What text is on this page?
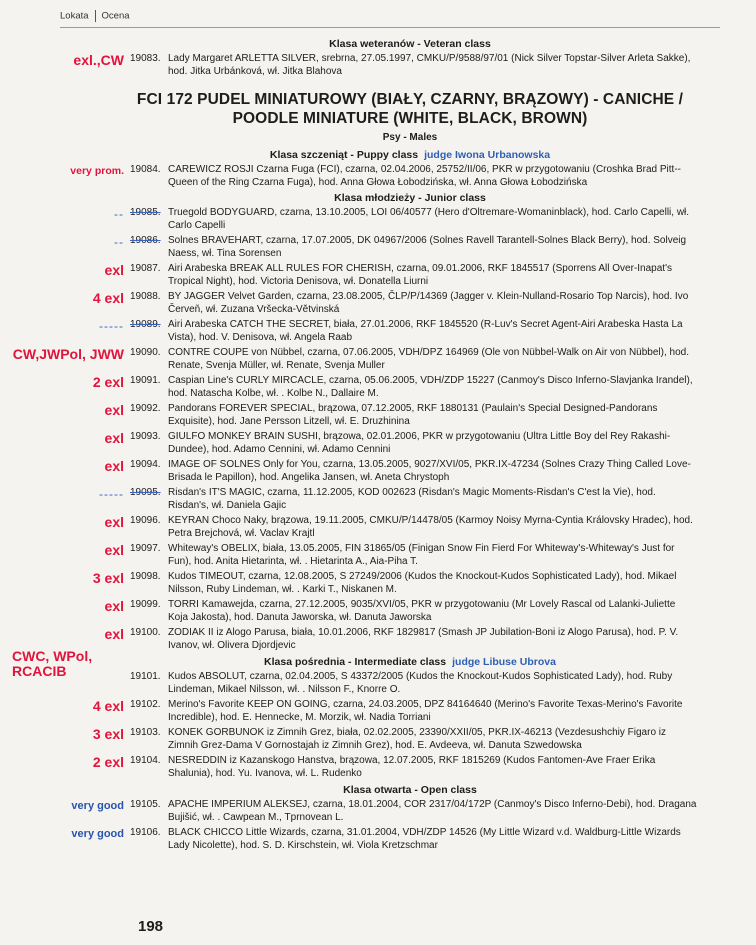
Lokata Ocena
Klasa weteranów - Veteran class
exl.,CW 19083. Lady Margaret ARLETTA SILVER, srebrna, 27.05.1997, CMKU/P/9588/97/01 (Nick Silver Topstar-Silver Arleta Sakke), hod. Jitka Urbánková, wł. Jitka Blahova
FCI 172 PUDEL MINIATUROWY (BIAŁY, CZARNY, BRĄZOWY) - CANICHE / POODLE MINIATURE (WHITE, BLACK, BROWN)
Psy - Males
Klasa szczeniąt - Puppy class judge Iwona Urbanowska
very prom. 19084. CAREWICZ ROSJI Czarna Fuga (FCI), czarna, 02.04.2006, 25752/II/06, PKR w przygotowaniu (Croshka Brad Pitt--Queen of the Ring Czarna Fuga), hod. Anna Głowa Łobodzińska, wł. Anna Głowa Łobodzińska
Klasa młodzieży - Junior class
-- 19085. Truegold BODYGUARD, czarna, 13.10.2005, LOI 06/40577 (Hero d'Oltremare-Womaninblack), hod. Carlo Capelli, wł. Carlo Capelli
-- 19086. Solnes BRAVEHART, czarna, 17.07.2005, DK 04967/2006 (Solnes Ravell Tarantell-Solnes Black Berry), hod. Solveig Naess, wł. Tina Sorensen
exl 19087. Airi Arabeska BREAK ALL RULES FOR CHERISH, czarna, 09.01.2006, RKF 1845517 (Sporrens All Over-Inapat's Tropical Night), hod. Victoria Denisova, wł. Donatella Liurni
4 exl 19088. BY JAGGER Velvet Garden, czarna, 23.08.2005, ČLP/P/14369 (Jagger v. Klein-Nulland-Rosario Top Narcis), hod. Ivo Červeň, wł. Zuzana Vršecka-Větvinská
----- 19089. Airi Arabeska CATCH THE SECRET, biała, 27.01.2006, RKF 1845520 (R-Luv's Secret Agent-Airi Arabeska Hasta La Vista), hod. V. Denisova, wł. Angela Raab
CW,JWPol, JWW 19090. CONTRE COUPE von Nübbel, czarna, 07.06.2005, VDH/DPZ 164969 (Ole von Nübbel-Walk on Air von Nübbel), hod. Renate, Svenja Müller, wł. Renate, Svenja Muller
2 exl 19091. Caspian Line's CURLY MIRCACLE, czarna, 05.06.2005, VDH/ZDP 15227 (Canmoy's Disco Inferno-Slavjanka Irandel), hod. Natascha Kolbe, wł. . Kolbe N., Dallaire M.
exl 19092. Pandorans FOREVER SPECIAL, brązowa, 07.12.2005, RKF 1880131 (Paulain's Special Designed-Pandorans Exquisite), hod. Jane Persson Litzell, wł. E. Druzhinina
exl 19093. GIULFO MONKEY BRAIN SUSHI, brązowa, 02.01.2006, PKR w przygotowaniu (Ultra Little Boy del Rey Rakashi-Dundee), hod. Adamo Cennini, wł. Adamo Cennini
exl 19094. IMAGE OF SOLNES Only for You, czarna, 13.05.2005, 9027/XVI/05, PKR.IX-47234 (Solnes Crazy Thing Called Love-Brisada le Papillon), hod. Angelika Jansen, wł. Aneta Chrystoph
----- 19095. Risdan's IT'S MAGIC, czarna, 11.12.2005, KOD 002623 (Risdan's Magic Moments-Risdan's C'est la Vie), hod. Risdan's, wł. Daniela Gajic
exl 19096. KEYRAN Choco Naky, brązowa, 19.11.2005, CMKU/P/14478/05 (Karmoy Noisy Myrna-Cyntia Královsky Hradec), hod. Petra Brejchová, wł. Vaclav Krajtl
exl 19097. Whiteway's OBELIX, biała, 13.05.2005, FIN 31865/05 (Finigan Snow Fin Fierd For Whiteway's-Whiteway's Just for Fun), hod. Anita Hietarinta, wł. . Hietarinta A., Aia-Piha T.
3 exl 19098. Kudos TIMEOUT, czarna, 12.08.2005, S 27249/2006 (Kudos the Knockout-Kudos Sophisticated Lady), hod. Mikael Nilsson, Ruby Lindeman, wł. . Karki T., Niskanen M.
exl 19099. TORRI Kamawejda, czarna, 27.12.2005, 9035/XVI/05, PKR w przygotowaniu (Mr Lovely Rascal od Lalanki-Juliette Koja Jakosta), hod. Danuta Jaworska, wł. Danuta Jaworska
exl 19100. ZODIAK II iz Alogo Parusa, biała, 10.01.2006, RKF 1829817 (Smash JP Jubilation-Boni iz Alogo Parusa), hod. P. V. Ivanov, wł. Olivera Djordjevic
Klasa pośrednia - Intermediate class judge Libuse Ubrova
CWC, WPol, RCACIB	19101. Kudos ABSOLUT, czarna, 02.04.2005, S 43372/2005 (Kudos the Knockout-Kudos Sophisticated Lady), hod. Ruby Lindeman, Mikael Nilsson, wł. . Nilsson F., Knorre O.
4 exl 19102. Merino's Favorite KEEP ON GOING, czarna, 24.03.2005, DPZ 84164640 (Merino's Favorite Texas-Merino's Favorite Incredible), hod. E. Hennecke, M. Morzik, wł. Nadia Torriani
3 exl 19103. KONEK GORBUNOK iz Zimnih Grez, biała, 02.02.2005, 23390/XXII/05, PKR.IX-46213 (Vezdesushchiy Figaro iz Zimnih Grez-Dama V Gornostajah iz Zimnih Grez), hod. E. Avdeeva, wł. Danuta Szwedowska
2 exl 19104. NESREDDIN iz Kazanskogo Hanstva, brązowa, 12.07.2005, RKF 1815269 (Kudos Fantomen-Ave Fraer Erika Shalunia), hod. Yu. Ivanova, wł. L. Rudenko
Klasa otwarta - Open class
very good 19105. APACHE IMPERIUM ALEKSEJ, czarna, 18.01.2004, COR 2317/04/172P (Canmoy's Disco Inferno-Debi), hod. Dragana Bujišić, wł. . Cawpean M., Tprnovean L.
very good 19106. BLACK CHICCO Little Wizards, czarna, 31.01.2004, VDH/ZDP 14526 (My Little Wizard v.d. Waldburg-Little Wizards Lady Nicolette), hod. S. D. Kirschstein, wł. Viola Kretzschmar
198
